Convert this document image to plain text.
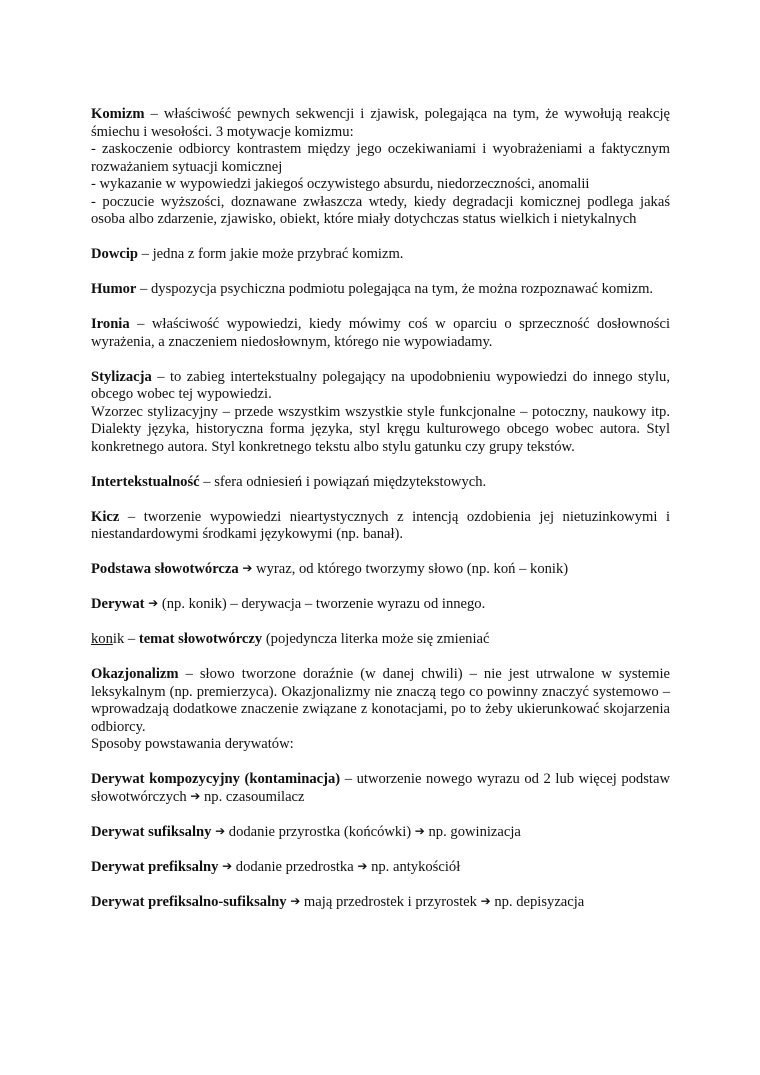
Komizm – właściwość pewnych sekwencji i zjawisk, polegająca na tym, że wywołują reakcję śmiechu i wesołości. 3 motywacje komizmu:

- zaskoczenie odbiorcy kontrastem między jego oczekiwaniami i wyobrażeniami a faktycznym rozważaniem sytuacji komicznej

- wykazanie w wypowiedzi jakiegoś oczywistego absurdu, niedorzeczności, anomalii

- poczucie wyższości, doznawane zwłaszcza wtedy, kiedy degradacji komicznej podlega jakaś osoba albo zdarzenie, zjawisko, obiekt, które miały dotychczas status wielkich i nietykalnych

Dowcip – jedna z form jakie może przybrać komizm.

Humor – dyspozycja psychiczna podmiotu polegająca na tym, że można rozpoznawać komizm.

Ironia – właściwość wypowiedzi, kiedy mówimy coś w oparciu o sprzeczność dosłowności wyrażenia, a znaczeniem niedosłownym, którego nie wypowiadamy.

Stylizacja – to zabieg intertekstualny polegający na upodobnieniu wypowiedzi do innego stylu, obcego wobec tej wypowiedzi.

Wzorzec stylizacyjny – przede wszystkim wszystkie style funkcjonalne – potoczny, naukowy itp. Dialekty języka, historyczna forma języka, styl kręgu kulturowego obcego wobec autora. Styl konkretnego autora. Styl konkretnego tekstu albo stylu gatunku czy grupy tekstów.

Intertekstualność – sfera odniesień i powiązań międzytekstowych.

Kicz – tworzenie wypowiedzi nieartystycznych z intencją ozdobienia jej nietuzinkowymi i niestandardowymi środkami językowymi (np. banał).

Podstawa słowotwórcza ➔ wyraz, od którego tworzymy słowo (np. koń – konik)

Derywat ➔ (np. konik) – derywacja – tworzenie wyrazu od innego.

konik – temat słowotwórczy (pojedyncza literka może się zmieniać

Okazjonalizm – słowo tworzone doraźnie (w danej chwili) – nie jest utrwalone w systemie leksykalnym (np. premierzyca). Okazjonalizmy nie znaczą tego co powinny znaczyć systemowo – wprowadzają dodatkowe znaczenie związane z konotacjami, po to żeby ukierunkować skojarzenia odbiorcy.

Sposoby powstawania derywatów:

Derywat kompozycyjny (kontaminacja) – utworzenie nowego wyrazu od 2 lub więcej podstaw słowotwórczych ➔ np. czasoumilacz

Derywat sufiksalny ➔ dodanie przyrostka (końcówki) ➔ np. gowinizacja

Derywat prefiksalny ➔ dodanie przedrostka ➔ np. antykościół

Derywat prefiksalno-sufiksalny ➔ mają przedrostek i przyrostek ➔ np. depisyzacja
